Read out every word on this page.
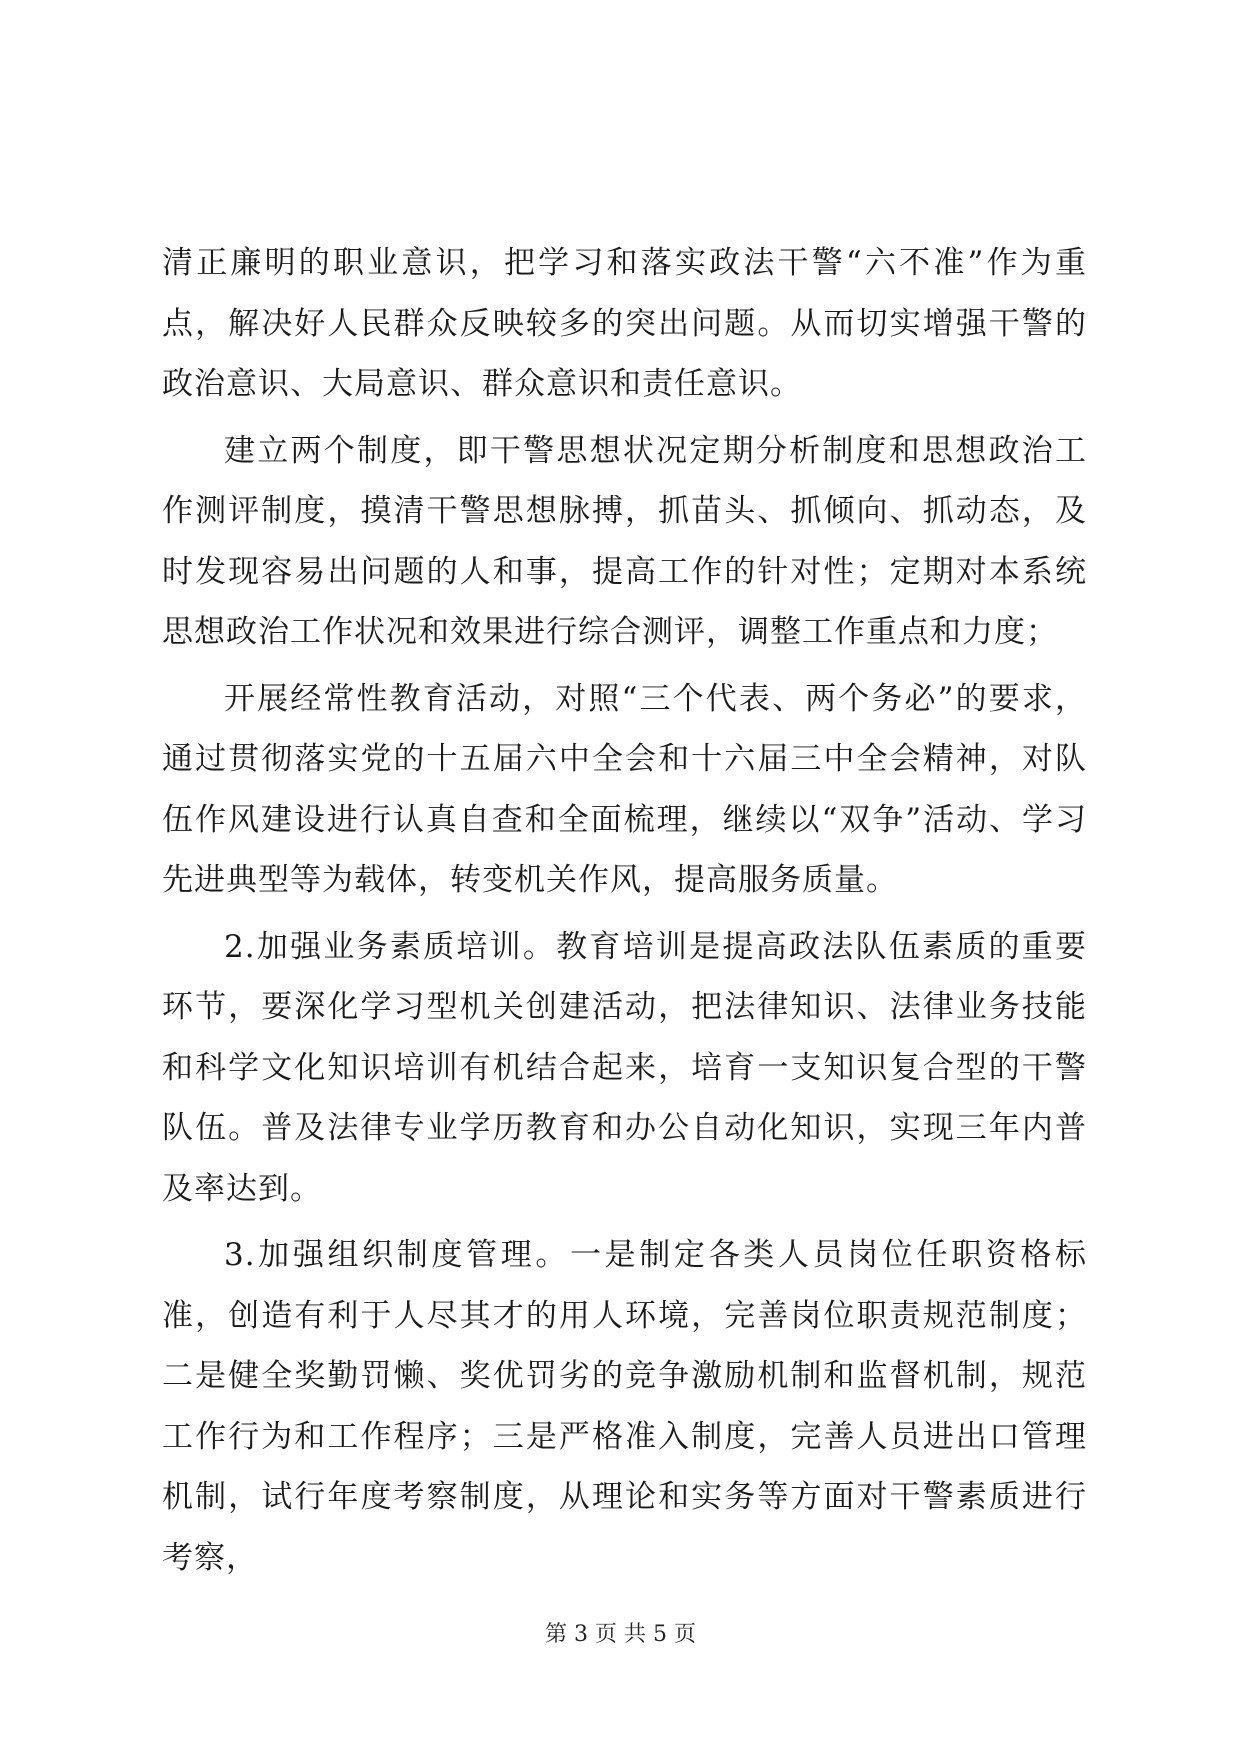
清正廉明的职业意识，把学习和落实政法干警“六不准”作为重点，解决好人民群众反映较多的突出问题。从而切实增强干警的政治意识、大局意识、群众意识和责任意识。

建立两个制度，即干警思想状况定期分析制度和思想政治工作测评制度，摸清干警思想脉搏，抓苗头、抓倾向、抓动态，及时发现容易出问题的人和事，提高工作的针对性；定期对本系统思想政治工作状况和效果进行综合测评，调整工作重点和力度；

开展经常性教育活动，对照“三个代表、两个务必”的要求，通过贯彻落实党的十五届六中全会和十六届三中全会精神，对队伍作风建设进行认真自查和全面梳理，继续以“双争”活动、学习先进典型等为载体，转变机关作风，提高服务质量。

2.加强业务素质培训。教育培训是提高政法队伍素质的重要环节，要深化学习型机关创建活动，把法律知识、法律业务技能和科学文化知识培训有机结合起来，培育一支知识复合型的干警队伍。普及法律专业学历教育和办公自动化知识，实现三年内普及率达到。

3.加强组织制度管理。一是制定各类人员岗位任职资格标准，创造有利于人尽其才的用人环境，完善岗位职责规范制度；二是健全奖勤罚懒、奖优罚劣的竞争激励机制和监督机制，规范工作行为和工作程序；三是严格准入制度，完善人员进出口管理机制，试行年度考察制度，从理论和实务等方面对干警素质进行考察，

第 3 页 共 5 页
